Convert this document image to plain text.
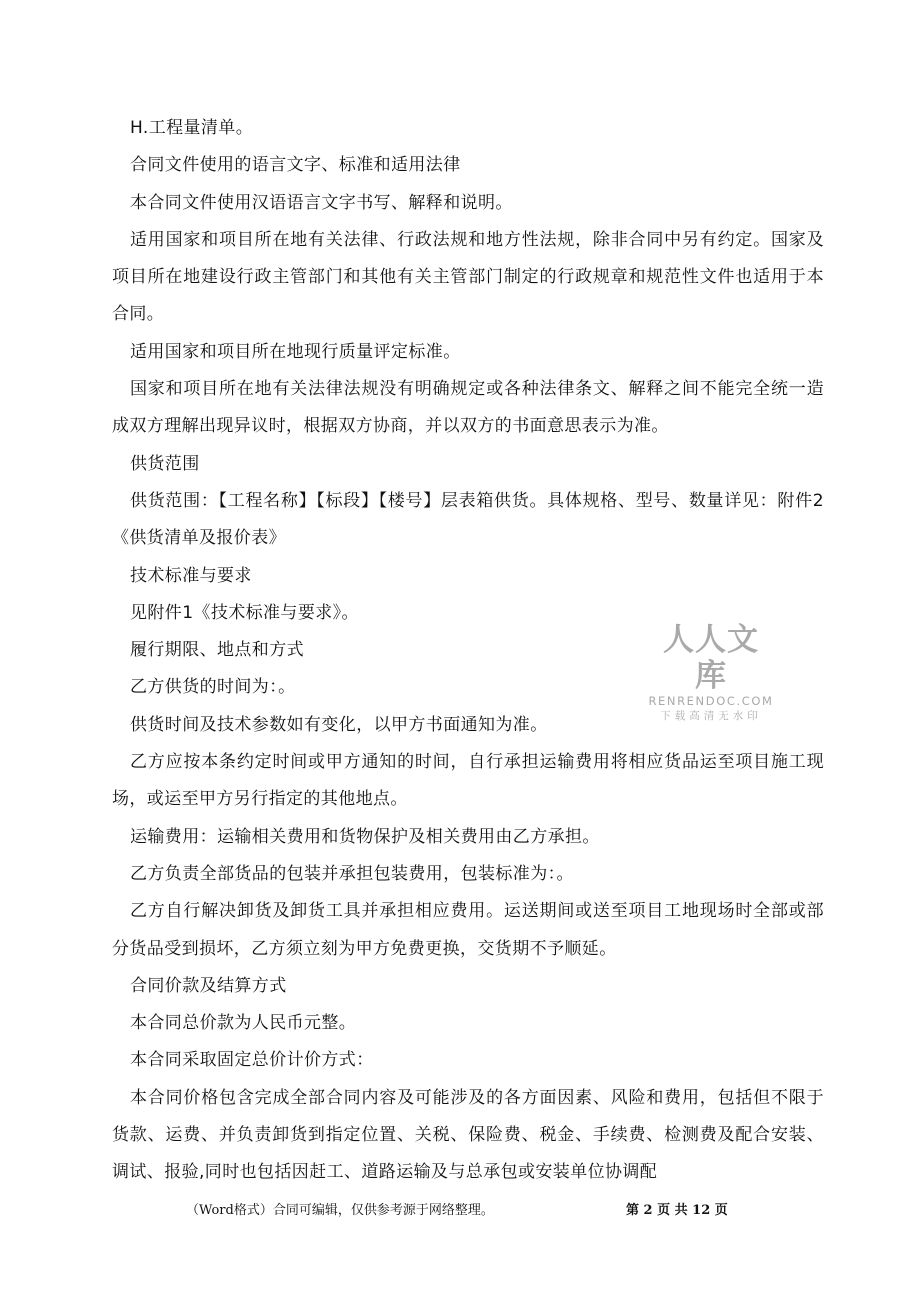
H.工程量清单。

合同文件使用的语言文字、标准和适用法律

本合同文件使用汉语语言文字书写、解释和说明。

适用国家和项目所在地有关法律、行政法规和地方性法规，除非合同中另有约定。国家及项目所在地建设行政主管部门和其他有关主管部门制定的行政规章和规范性文件也适用于本合同。

适用国家和项目所在地现行质量评定标准。

国家和项目所在地有关法律法规没有明确规定或各种法律条文、解释之间不能完全统一造成双方理解出现异议时，根据双方协商，并以双方的书面意思表示为准。

供货范围

供货范围：【工程名称】【标段】【楼号】层表箱供货。具体规格、型号、数量详见：附件2《供货清单及报价表》

技术标准与要求

见附件1《技术标准与要求》。

履行期限、地点和方式

乙方供货的时间为：。

供货时间及技术参数如有变化，以甲方书面通知为准。

乙方应按本条约定时间或甲方通知的时间，自行承担运输费用将相应货品运至项目施工现场，或运至甲方另行指定的其他地点。

运输费用：运输相关费用和货物保护及相关费用由乙方承担。

乙方负责全部货品的包装并承担包装费用，包装标准为：。

乙方自行解决卸货及卸货工具并承担相应费用。运送期间或送至项目工地现场时全部或部分货品受到损坏，乙方须立刻为甲方免费更换，交货期不予顺延。

合同价款及结算方式

本合同总价款为人民币元整。

本合同采取固定总价计价方式：

本合同价格包含完成全部合同内容及可能涉及的各方面因素、风险和费用，包括但不限于货款、运费、并负责卸货到指定位置、关税、保险费、税金、手续费、检测费及配合安装、调试、报验,同时也包括因赶工、道路运输及与总承包或安装单位协调配

人人文库
RENRENDOC.COM
下载高清无水印
（Word格式）合同可编辑，仅供参考源于网络整理。	第 2 页 共 12 页
